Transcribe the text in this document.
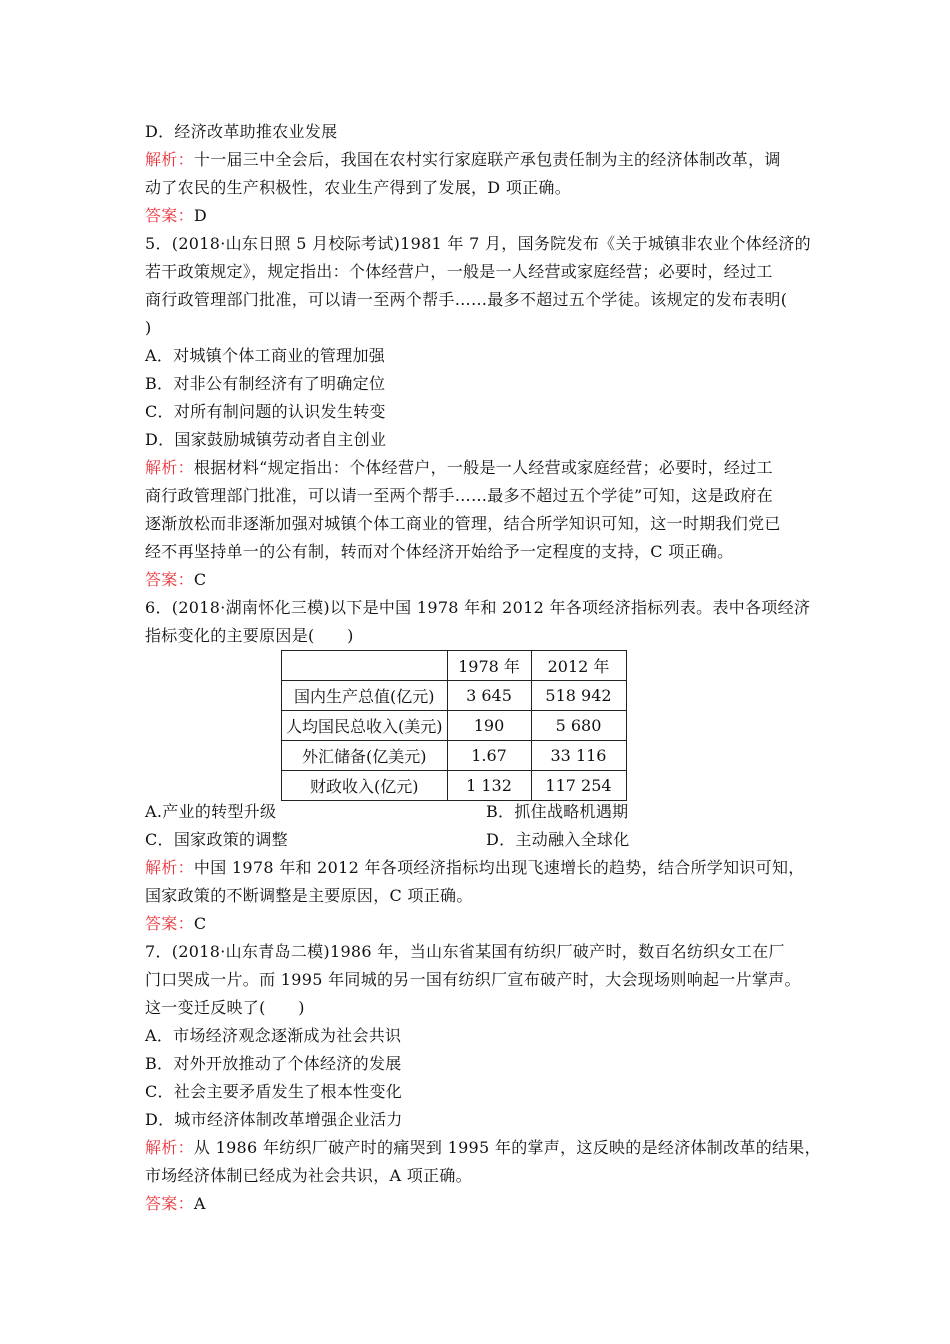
D．经济改革助推农业发展
解析：十一届三中全会后，我国在农村实行家庭联产承包责任制为主的经济体制改革，调
动了农民的生产积极性，农业生产得到了发展，D 项正确。
答案：D
5．(2018·山东日照 5 月校际考试)1981 年 7 月，国务院发布《关于城镇非农业个体经济的
若干政策规定》，规定指出：个体经营户，一般是一人经营或家庭经营；必要时，经过工
商行政管理部门批准，可以请一至两个帮手……最多不超过五个学徒。该规定的发布表明(
)
A．对城镇个体工商业的管理加强
B．对非公有制经济有了明确定位
C．对所有制问题的认识发生转变
D．国家鼓励城镇劳动者自主创业
解析：根据材料“规定指出：个体经营户，一般是一人经营或家庭经营；必要时，经过工
商行政管理部门批准，可以请一至两个帮手……最多不超过五个学徒”可知，这是政府在
逐渐放松而非逐渐加强对城镇个体工商业的管理，结合所学知识可知，这一时期我们党已
经不再坚持单一的公有制，转而对个体经济开始给予一定程度的支持，C 项正确。
答案：C
6．(2018·湖南怀化三模)以下是中国 1978 年和 2012 年各项经济指标列表。表中各项经济
指标变化的主要原因是(　　)
	1978 年	2012 年
国内生产总值(亿元)	3 645	518 942
人均国民总收入(美元)	190	5 680
外汇储备(亿美元)	1.67	33 116
财政收入(亿元)	1 132	117 254
A.产业的转型升级	B．抓住战略机遇期
C．国家政策的调整	D．主动融入全球化
解析：中国 1978 年和 2012 年各项经济指标均出现飞速增长的趋势，结合所学知识可知，
国家政策的不断调整是主要原因，C 项正确。
答案：C
7．(2018·山东青岛二模)1986 年，当山东省某国有纺织厂破产时，数百名纺织女工在厂
门口哭成一片。而 1995 年同城的另一国有纺织厂宣布破产时，大会现场则响起一片掌声。
这一变迁反映了(　　)
A．市场经济观念逐渐成为社会共识
B．对外开放推动了个体经济的发展
C．社会主要矛盾发生了根本性变化
D．城市经济体制改革增强企业活力
解析：从 1986 年纺织厂破产时的痛哭到 1995 年的掌声，这反映的是经济体制改革的结果，
市场经济体制已经成为社会共识，A 项正确。
答案：A
